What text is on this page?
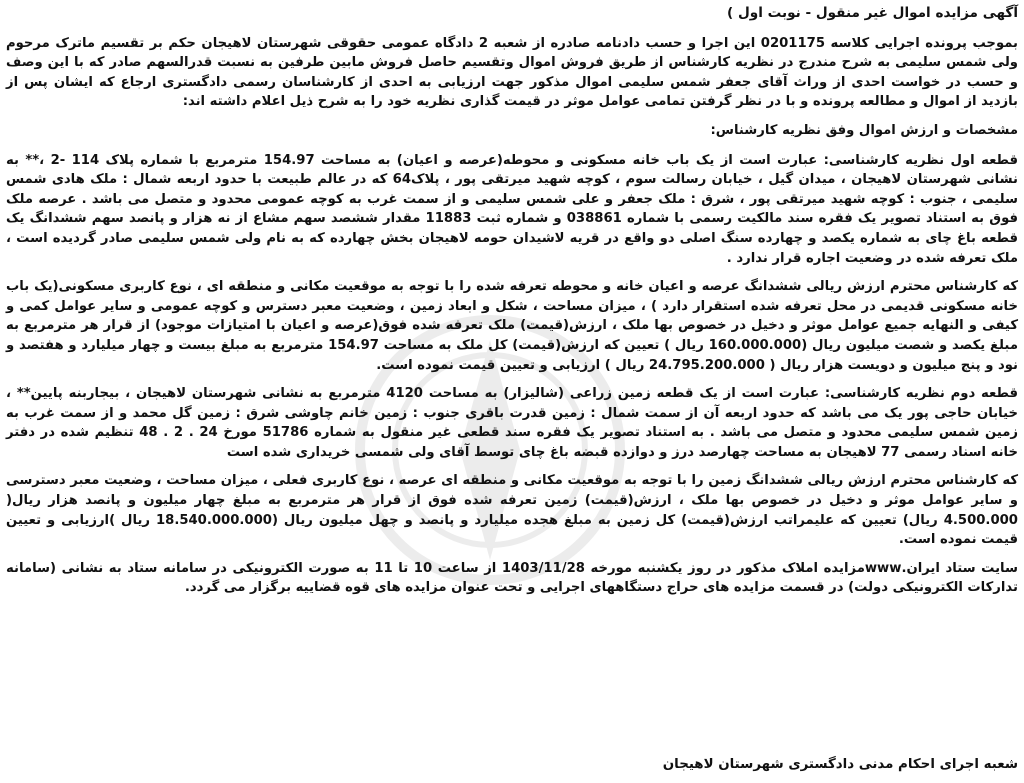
آگهی مزایده اموال غیر منقول - نوبت اول )
بموجب پرونده اجرایی کلاسه 0201175 این اجرا و حسب دادنامه صادره از شعبه 2 دادگاه عمومی حقوقی شهرستان لاهیجان حکم بر تقسیم ماترک مرحوم ولی شمس سلیمی به شرح مندرج در نظریه کارشناس از طریق فروش اموال وتقسیم حاصل فروش مابین طرفین به نسبت قدرالسهم صادر که با این وصف و حسب در خواست احدی از وراث آقای جعفر شمس سلیمی اموال مذکور جهت ارزیابی به احدی از کارشناسان رسمی دادگستری ارجاع که ایشان پس از بازدید از اموال و مطالعه پرونده و با در نظر گرفتن تمامی عوامل موثر در قیمت گذاری نظریه خود را به شرح ذیل اعلام داشته اند:
مشخصات و ارزش اموال وفق نظریه کارشناس:
قطعه اول نظریه کارشناسی: عبارت است از یک باب خانه مسکونی و محوطه(عرصه و اعیان) به مساحت 154.97 مترمربع با شماره پلاک 114 -2 ،** به نشانی شهرستان لاهیجان ، میدان گیل ، خیابان رسالت سوم ، کوچه شهید میرتقی پور ، پلاک64 که در عالم طبیعت با حدود اربعه شمال : ملک هادی شمس سلیمی ، جنوب : کوچه شهید میرتقی پور ، شرق : ملک جعفر و علی شمس سلیمی و از سمت غرب به کوچه عمومی محدود و متصل می باشد . عرصه ملک فوق به استناد تصویر یک فقره سند مالکیت رسمی با شماره 038861 و شماره ثبت 11883 مقدار ششصد سهم مشاع از نه هزار و پانصد سهم ششدانگ یک قطعه باغ چای به شماره یکصد و چهارده سنگ اصلی دو واقع در قریه لاشیدان حومه لاهیجان بخش چهارده که به نام ولی شمس سلیمی صادر گردیده است ، ملک تعرفه شده در وضعیت اجاره قرار ندارد .
که کارشناس محترم ارزش ریالی ششدانگ عرصه و اعیان خانه و محوطه تعرفه شده را با توجه به موقعیت مکانی و منطقه ای ، نوع کاربری مسکونی(یک باب خانه مسکونی قدیمی در محل تعرفه شده استقرار دارد ) ، میزان مساحت ، شکل و ابعاد زمین ، وضعیت معبر دسترس و کوچه عمومی و سایر عوامل کمی و کیفی و النهایه جمیع عوامل موثر و دخیل در خصوص بها ملک ، ارزش(قیمت) ملک تعرفه شده فوق(عرصه و اعیان با امتیازات موجود) از قرار هر مترمربع به مبلغ یکصد و شصت میلیون ریال (160.000.000 ریال ) تعیین که ارزش(قیمت) کل ملک به مساحت 154.97 مترمربع به مبلغ بیست و چهار میلیارد و هفتصد و نود و پنج میلیون و دویست هزار ریال ( 24.795.200.000 ریال ) ارزیابی و تعیین قیمت نموده است.
قطعه دوم نظریه کارشناسی: عبارت است از یک قطعه زمین زراعی (شالیزار) به مساحت 4120 مترمربع به نشانی شهرستان لاهیجان ، بیجاربنه پایین** ، خیابان حاجی پور یک می باشد که حدود اربعه آن از سمت شمال : زمین قدرت باقری جنوب : زمین خانم چاوشی شرق : زمین گل محمد و از سمت غرب به زمین شمس سلیمی محدود و متصل می باشد . به استناد تصویر یک فقره سند قطعی غیر منقول به شماره 51786 مورخ 24 . 2 . 48 تنظیم شده در دفتر خانه اسناد رسمی 77 لاهیجان به مساحت چهارصد درز و دوازده قبضه باغ چای توسط آقای ولی شمسی خریداری شده است
که کارشناس محترم ارزش ریالی ششدانگ زمین را با توجه به موقعیت مکانی و منطقه ای عرصه ، نوع کاربری فعلی ، میزان مساحت ، وضعیت معبر دسترسی و سایر عوامل موثر و دخیل در خصوص بها ملک ، ارزش(قیمت) زمین تعرفه شده فوق از قرار هر مترمربع به مبلغ چهار میلیون و پانصد هزار ریال( 4.500.000 ریال) تعیین که علیمراتب ارزش(قیمت) کل زمین به مبلغ هجده میلیارد و پانصد و چهل میلیون ریال (18.540.000.000 ریال )ارزیابی و تعیین قیمت نموده است.
سایت ستاد ایران.wwwمزایده املاک مذکور در روز یکشنبه مورخه 1403/11/28 از ساعت 10 تا 11 به صورت الکترونیکی در سامانه ستاد به نشانی (سامانه تدارکات الکترونیکی دولت) در قسمت مزایده های حراج دستگاههای اجرایی و تحت عنوان مزایده های قوه قضاییه برگزار می گردد.
شعبه اجرای احکام مدنی دادگستری شهرستان لاهیجان
